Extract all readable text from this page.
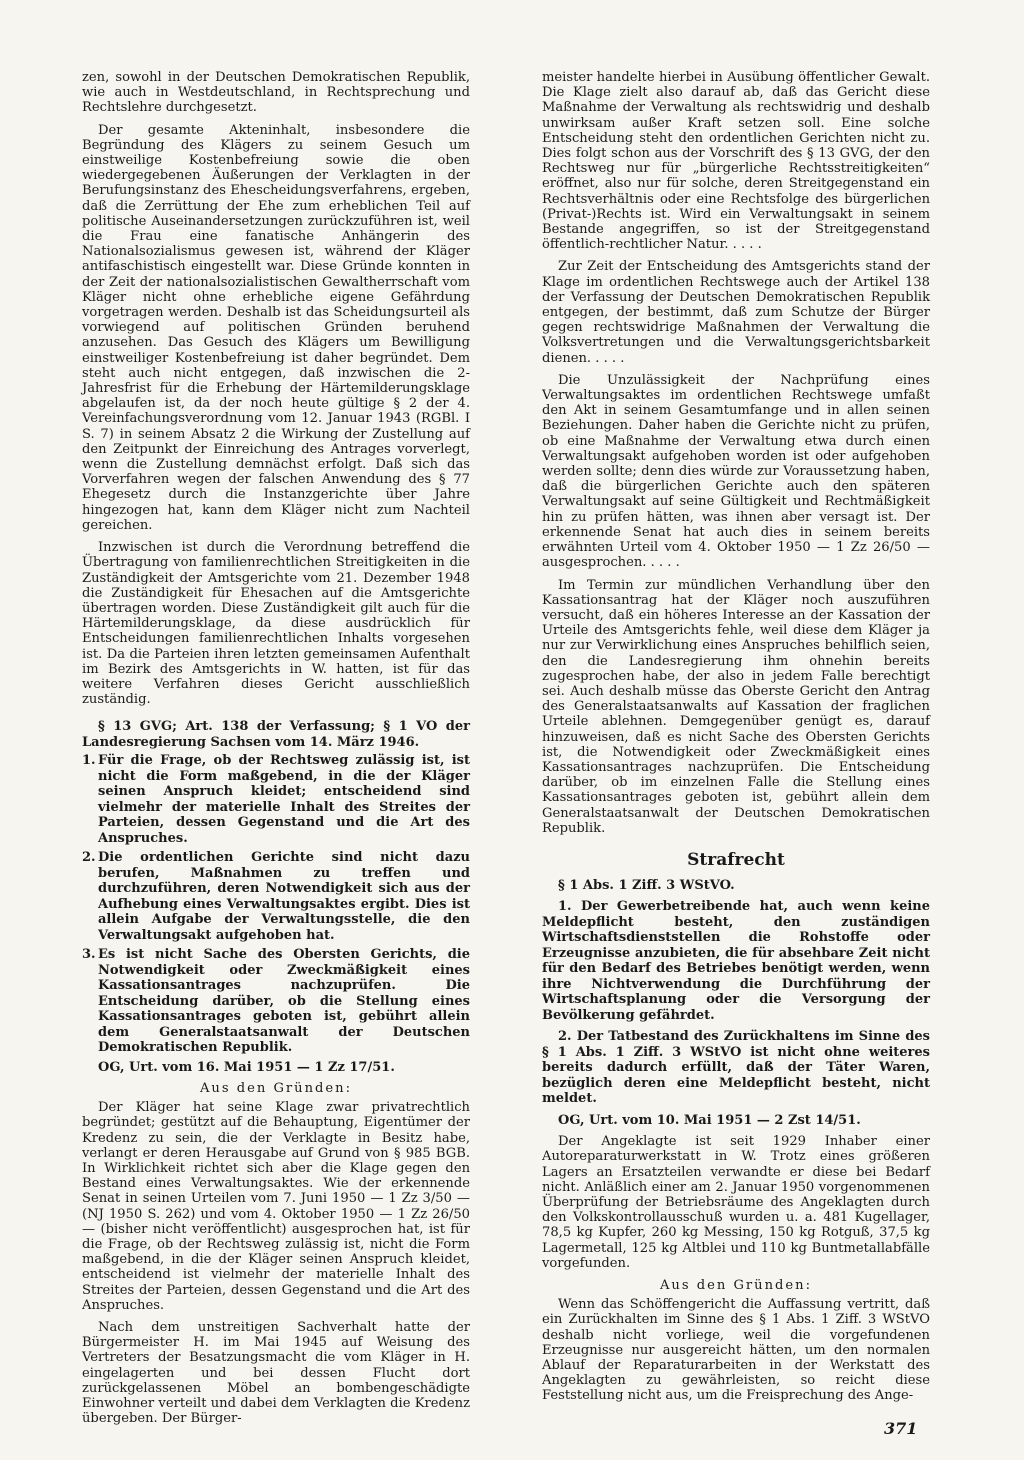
zen, sowohl in der Deutschen Demokratischen Republik, wie auch in Westdeutschland, in Rechtsprechung und Rechtslehre durchgesetzt.

Der gesamte Akteninhalt, insbesondere die Begründung des Klägers zu seinem Gesuch um einstweilige Kostenbefreiung sowie die oben wiedergegebenen Äußerungen der Verklagten in der Berufungsinstanz des Ehescheidungsverfahrens, ergeben, daß die Zerrüttung der Ehe zum erheblichen Teil auf politische Auseinandersetzungen zurückzuführen ist, weil die Frau eine fanatische Anhängerin des Nationalsozialismus gewesen ist, während der Kläger antifaschistisch eingestellt war. Diese Gründe konnten in der Zeit der nationalsozialistischen Gewaltherrschaft vom Kläger nicht ohne erhebliche eigene Gefährdung vorgetragen werden. Deshalb ist das Scheidungsurteil als vorwiegend auf politischen Gründen beruhend anzusehen. Das Gesuch des Klägers um Bewilligung einstweiliger Kostenbefreiung ist daher begründet. Dem steht auch nicht entgegen, daß inzwischen die 2-Jahresfrist für die Erhebung der Härtemilderungsklage abgelaufen ist, da der noch heute gültige § 2 der 4. Vereinfachungsverordnung vom 12. Januar 1943 (RGBl. I S. 7) in seinem Absatz 2 die Wirkung der Zustellung auf den Zeitpunkt der Einreichung des Antrages vorverlegt, wenn die Zustellung demnächst erfolgt. Daß sich das Vorverfahren wegen der falschen Anwendung des § 77 Ehegesetz durch die Instanzgerichte über Jahre hingezogen hat, kann dem Kläger nicht zum Nachteil gereichen.

Inzwischen ist durch die Verordnung betreffend die Übertragung von familienrechtlichen Streitigkeiten in die Zuständigkeit der Amtsgerichte vom 21. Dezember 1948 die Zuständigkeit für Ehesachen auf die Amtsgerichte übertragen worden. Diese Zuständigkeit gilt auch für die Härtemilderungsklage, da diese ausdrücklich für Entscheidungen familienrechtlichen Inhalts vorgesehen ist. Da die Parteien ihren letzten gemeinsamen Aufenthalt im Bezirk des Amtsgerichts in W. hatten, ist für das weitere Verfahren dieses Gericht ausschließlich zuständig.

§ 13 GVG; Art. 138 der Verfassung; § 1 VO der Landesregierung Sachsen vom 14. März 1946.
1. Für die Frage, ob der Rechtsweg zulässig ist, ist nicht die Form maßgebend, in die der Kläger seinen Anspruch kleidet; entscheidend sind vielmehr der materielle Inhalt des Streites der Parteien, dessen Gegenstand und die Art des Anspruches.
2. Die ordentlichen Gerichte sind nicht dazu berufen, Maßnahmen zu treffen und durchzuführen, deren Notwendigkeit sich aus der Aufhebung eines Verwaltungsaktes ergibt. Dies ist allein Aufgabe der Verwaltungsstelle, die den Verwaltungsakt aufgehoben hat.
3. Es ist nicht Sache des Obersten Gerichts, die Notwendigkeit oder Zweckmäßigkeit eines Kassationsantrages nachzuprüfen. Die Entscheidung darüber, ob die Stellung eines Kassationsantrages geboten ist, gebührt allein dem Generalstaatsanwalt der Deutschen Demokratischen Republik.
OG, Urt. vom 16. Mai 1951 — 1 Zz 17/51.
Aus den Gründen:

Der Kläger hat seine Klage zwar privatrechtlich begründet; gestützt auf die Behauptung, Eigentümer der Kredenz zu sein, die der Verklagte in Besitz habe, verlangt er deren Herausgabe auf Grund von § 985 BGB. In Wirklichkeit richtet sich aber die Klage gegen den Bestand eines Verwaltungsaktes. Wie der erkennende Senat in seinen Urteilen vom 7. Juni 1950 — 1 Zz 3/50 — (NJ 1950 S. 262) und vom 4. Oktober 1950 — 1 Zz 26/50 — (bisher nicht veröffentlicht) ausgesprochen hat, ist für die Frage, ob der Rechtsweg zulässig ist, nicht die Form maßgebend, in die der Kläger seinen Anspruch kleidet, entscheidend ist vielmehr der materielle Inhalt des Streites der Parteien, dessen Gegenstand und die Art des Anspruches.

Nach dem unstreitigen Sachverhalt hatte der Bürgermeister H. im Mai 1945 auf Weisung des Vertreters der Besatzungsmacht die vom Kläger in H. eingelagerten und bei dessen Flucht dort zurückgelassenen Möbel an bombengeschädigte Einwohner verteilt und dabei dem Verklagten die Kredenz übergeben. Der Bürger-

meister handelte hierbei in Ausübung öffentlicher Gewalt. Die Klage zielt also darauf ab, daß das Gericht diese Maßnahme der Verwaltung als rechtswidrig und deshalb unwirksam außer Kraft setzen soll. Eine solche Entscheidung steht den ordentlichen Gerichten nicht zu. Dies folgt schon aus der Vorschrift des § 13 GVG, der den Rechtsweg nur für „bürgerliche Rechtsstreitigkeiten“ eröffnet, also nur für solche, deren Streitgegenstand ein Rechtsverhältnis oder eine Rechtsfolge des bürgerlichen (Privat-)Rechts ist. Wird ein Verwaltungsakt in seinem Bestande angegriffen, so ist der Streitgegenstand öffentlich-rechtlicher Natur. . . . .

Zur Zeit der Entscheidung des Amtsgerichts stand der Klage im ordentlichen Rechtswege auch der Artikel 138 der Verfassung der Deutschen Demokratischen Republik entgegen, der bestimmt, daß zum Schutze der Bürger gegen rechtswidrige Maßnahmen der Verwaltung die Volksvertretungen und die Verwaltungsgerichtsbarkeit dienen. . . . .

Die Unzulässigkeit der Nachprüfung eines Verwaltungsaktes im ordentlichen Rechtswege umfaßt den Akt in seinem Gesamtumfange und in allen seinen Beziehungen. Daher haben die Gerichte nicht zu prüfen, ob eine Maßnahme der Verwaltung etwa durch einen Verwaltungsakt aufgehoben worden ist oder aufgehoben werden sollte; denn dies würde zur Voraussetzung haben, daß die bürgerlichen Gerichte auch den späteren Verwaltungsakt auf seine Gültigkeit und Rechtmäßigkeit hin zu prüfen hätten, was ihnen aber versagt ist. Der erkennende Senat hat auch dies in seinem bereits erwähnten Urteil vom 4. Oktober 1950 — 1 Zz 26/50 — ausgesprochen. . . . .

Im Termin zur mündlichen Verhandlung über den Kassationsantrag hat der Kläger noch auszuführen versucht, daß ein höheres Interesse an der Kassation der Urteile des Amtsgerichts fehle, weil diese dem Kläger ja nur zur Verwirklichung eines Anspruches behilflich seien, den die Landesregierung ihm ohnehin bereits zugesprochen habe, der also in jedem Falle berechtigt sei. Auch deshalb müsse das Oberste Gericht den Antrag des Generalstaatsanwalts auf Kassation der fraglichen Urteile ablehnen. Demgegenüber genügt es, darauf hinzuweisen, daß es nicht Sache des Obersten Gerichts ist, die Notwendigkeit oder Zweckmäßigkeit eines Kassationsantrages nachzuprüfen. Die Entscheidung darüber, ob im einzelnen Falle die Stellung eines Kassationsantrages geboten ist, gebührt allein dem Generalstaatsanwalt der Deutschen Demokratischen Republik.

Strafrecht
§ 1 Abs. 1 Ziff. 3 WStVO.
1. Der Gewerbetreibende hat, auch wenn keine Meldepflicht besteht, den zuständigen Wirtschaftsdienststellen die Rohstoffe oder Erzeugnisse anzubieten, die für absehbare Zeit nicht für den Bedarf des Betriebes benötigt werden, wenn ihre Nichtverwendung die Durchführung der Wirtschaftsplanung oder die Versorgung der Bevölkerung gefährdet.
2. Der Tatbestand des Zurückhaltens im Sinne des § 1 Abs. 1 Ziff. 3 WStVO ist nicht ohne weiteres bereits dadurch erfüllt, daß der Täter Waren, bezüglich deren eine Meldepflicht besteht, nicht meldet.
OG, Urt. vom 10. Mai 1951 — 2 Zst 14/51.

Der Angeklagte ist seit 1929 Inhaber einer Autoreparaturwerkstatt in W. Trotz eines größeren Lagers an Ersatzteilen verwandte er diese bei Bedarf nicht. Anläßlich einer am 2. Januar 1950 vorgenommenen Überprüfung der Betriebsräume des Angeklagten durch den Volkskontrollausschuß wurden u. a. 481 Kugellager, 78,5 kg Kupfer, 260 kg Messing, 150 kg Rotguß, 37,5 kg Lagermetall, 125 kg Altblei und 110 kg Buntmetallabfälle vorgefunden.

Aus den Gründen:

Wenn das Schöffengericht die Auffassung vertritt, daß ein Zurückhalten im Sinne des § 1 Abs. 1 Ziff. 3 WStVO deshalb nicht vorliege, weil die vorgefundenen Erzeugnisse nur ausgereicht hätten, um den normalen Ablauf der Reparaturarbeiten in der Werkstatt des Angeklagten zu gewährleisten, so reicht diese Feststellung nicht aus, um die Freisprechung des Ange-

371
